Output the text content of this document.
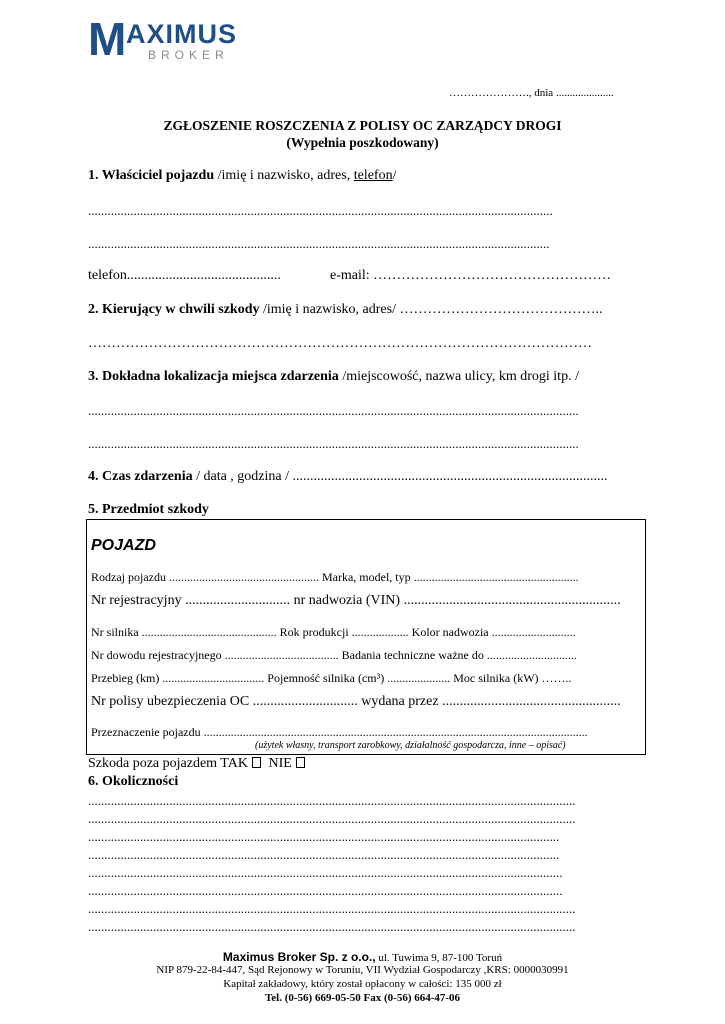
M AXIMUS
BROKER
…………………., dnia .....................
ZGŁOSZENIE ROSZCZENIA Z POLISY OC ZARZĄDCY DROGI
(Wypełnia poszkodowany)
1. Właściciel pojazdu /imię i nazwisko, adres, telefon/
...............................................................................................................................................
..............................................................................................................................................
telefon............................................	e-mail: ……………………………………………
2. Kierujący w chwili szkody /imię i nazwisko, adres/ ……………………………………..
………………………………………………………………………………………………
3. Dokładna lokalizacja miejsca zdarzenia /miejscowość, nazwa ulicy, km drogi itp. /
.......................................................................................................................................................
.......................................................................................................................................................
4. Czas zdarzenia / data , godzina / ..........................................................................................
5. Przedmiot szkody
POJAZD
Rodzaj pojazdu .................................................. Marka, model, typ .......................................................
Nr rejestracyjny .............................. nr nadwozia (VIN) ..............................................................
Nr silnika ............................................. Rok produkcji ................... Kolor nadwozia ............................
Nr dowodu rejestracyjnego ...................................... Badania techniczne ważne do ..............................
Przebieg (km) .................................. Pojemność silnika (cm³) ..................... Moc silnika (kW) ……..
Nr polisy ubezpieczenia OC .............................. wydana przez ...................................................
Przeznaczenie pojazdu ................................................................................................................................
(użytek własny, transport zarobkowy, działalność gospodarcza, inne – opisać)
Szkoda poza pojazdem TAK NIE
6. Okoliczności
......................................................................................................................................................
......................................................................................................................................................
.................................................................................................................................................
.................................................................................................................................................
..................................................................................................................................................
..................................................................................................................................................
......................................................................................................................................................
......................................................................................................................................................
Maximus Broker Sp. z o.o., ul. Tuwima 9, 87-100 Toruń
NIP 879-22-84-447, Sąd Rejonowy w Toruniu, VII Wydział Gospodarczy ,KRS: 0000030991
Kapitał zakładowy, który został opłacony w całości: 135 000 zł
Tel. (0-56) 669-05-50 Fax (0-56) 664-47-06
